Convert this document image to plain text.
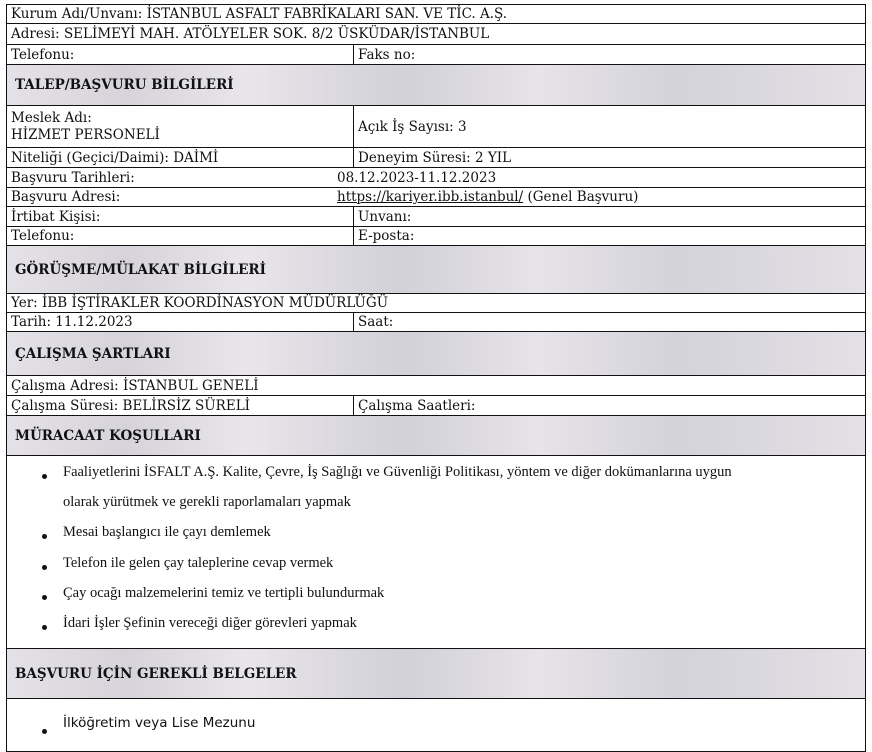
Kurum Adı/Unvanı: İSTANBUL ASFALT FABRİKALARI SAN. VE TİC. A.Ş.
Adresi: SELİMEYİ MAH. ATÖLYELER SOK. 8/2 ÜSKÜDAR/İSTANBUL
Telefonu:	Faks no:
TALEP/BAŞVURU BİLGİLERİ
Meslek Adı:
HİZMET PERSONELİ	Açık İş Sayısı: 3
Niteliği (Geçici/Daimi): DAİMİ	Deneyim Süresi: 2 YIL
Başvuru Tarihleri:	08.12.2023-11.12.2023
Başvuru Adresi:	https://kariyer.ibb.istanbul/ (Genel Başvuru)
İrtibat Kişisi:	Unvanı:
Telefonu:	E-posta:
GÖRÜŞME/MÜLAKAT BİLGİLERİ
Yer: İBB İŞTİRAKLER KOORDİNASYON MÜDÜRLÜĞÜ
Tarih: 11.12.2023	Saat:
ÇALIŞMA ŞARTLARI
Çalışma Adresi: İSTANBUL GENELİ
Çalışma Süresi: BELİRSİZ SÜRELİ	Çalışma Saatleri:
MÜRACAAT KOŞULLARI
Faaliyetlerini İSFALT A.Ş. Kalite, Çevre, İş Sağlığı ve Güvenliği Politikası, yöntem ve diğer dokümanlarına uygun
olarak yürütmek ve gerekli raporlamaları yapmak
Mesai başlangıcı ile çayı demlemek
Telefon ile gelen çay taleplerine cevap vermek
Çay ocağı malzemelerini temiz ve tertipli bulundurmak
İdari İşler Şefinin vereceği diğer görevleri yapmak
BAŞVURU İÇİN GEREKLİ BELGELER
İlköğretim veya Lise Mezunu
